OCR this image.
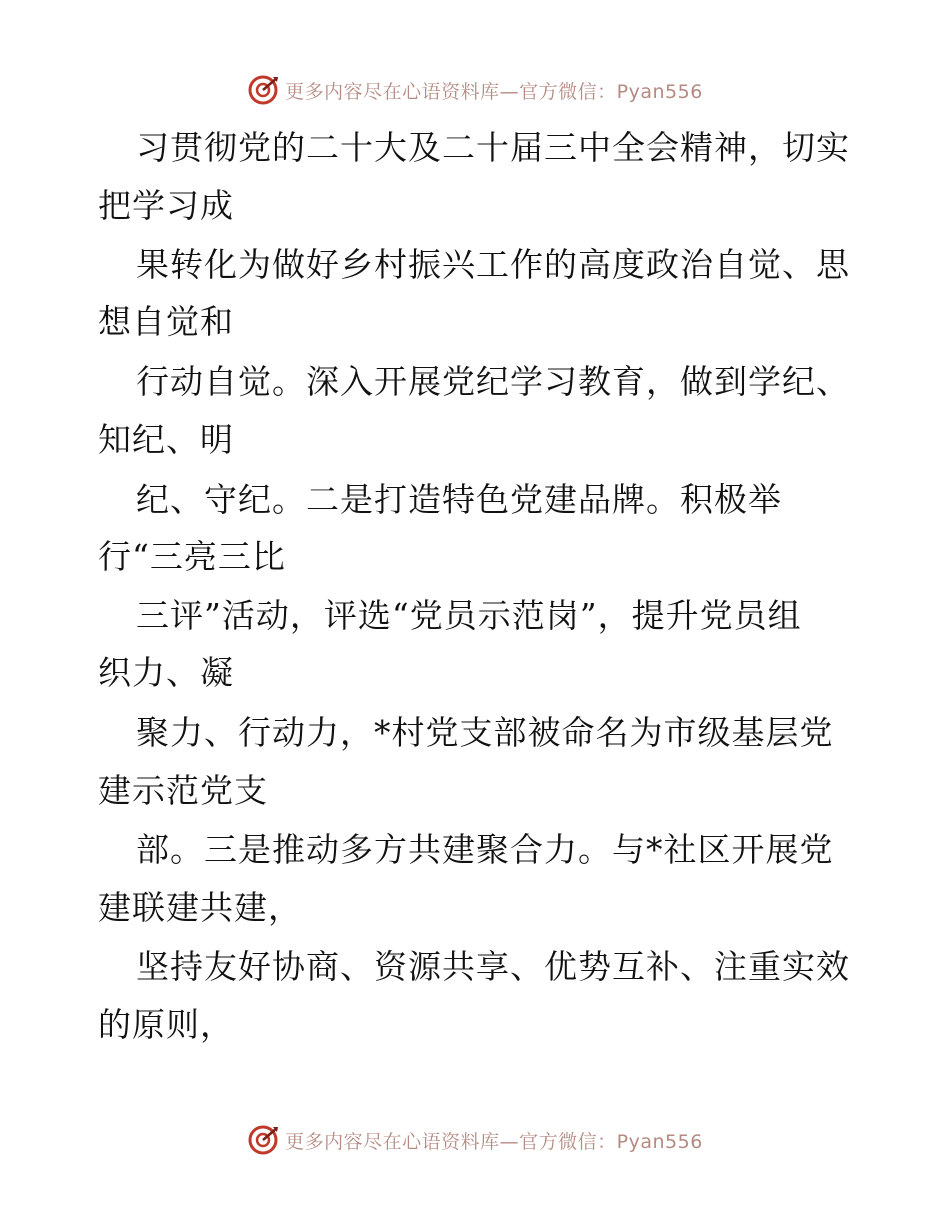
更多内容尽在心语资料库—官方微信：Pyan556
习贯彻党的二十大及二十届三中全会精神，切实
把学习成
果转化为做好乡村振兴工作的高度政治自觉、思
想自觉和
行动自觉。深入开展党纪学习教育，做到学纪、
知纪、明
纪、守纪。二是打造特色党建品牌。积极举
行“三亮三比
三评”活动，评选“党员示范岗”，提升党员组
织力、凝
聚力、行动力，*村党支部被命名为市级基层党
建示范党支
部。三是推动多方共建聚合力。与*社区开展党
建联建共建，
坚持友好协商、资源共享、优势互补、注重实效
的原则，
更多内容尽在心语资料库—官方微信：Pyan556
